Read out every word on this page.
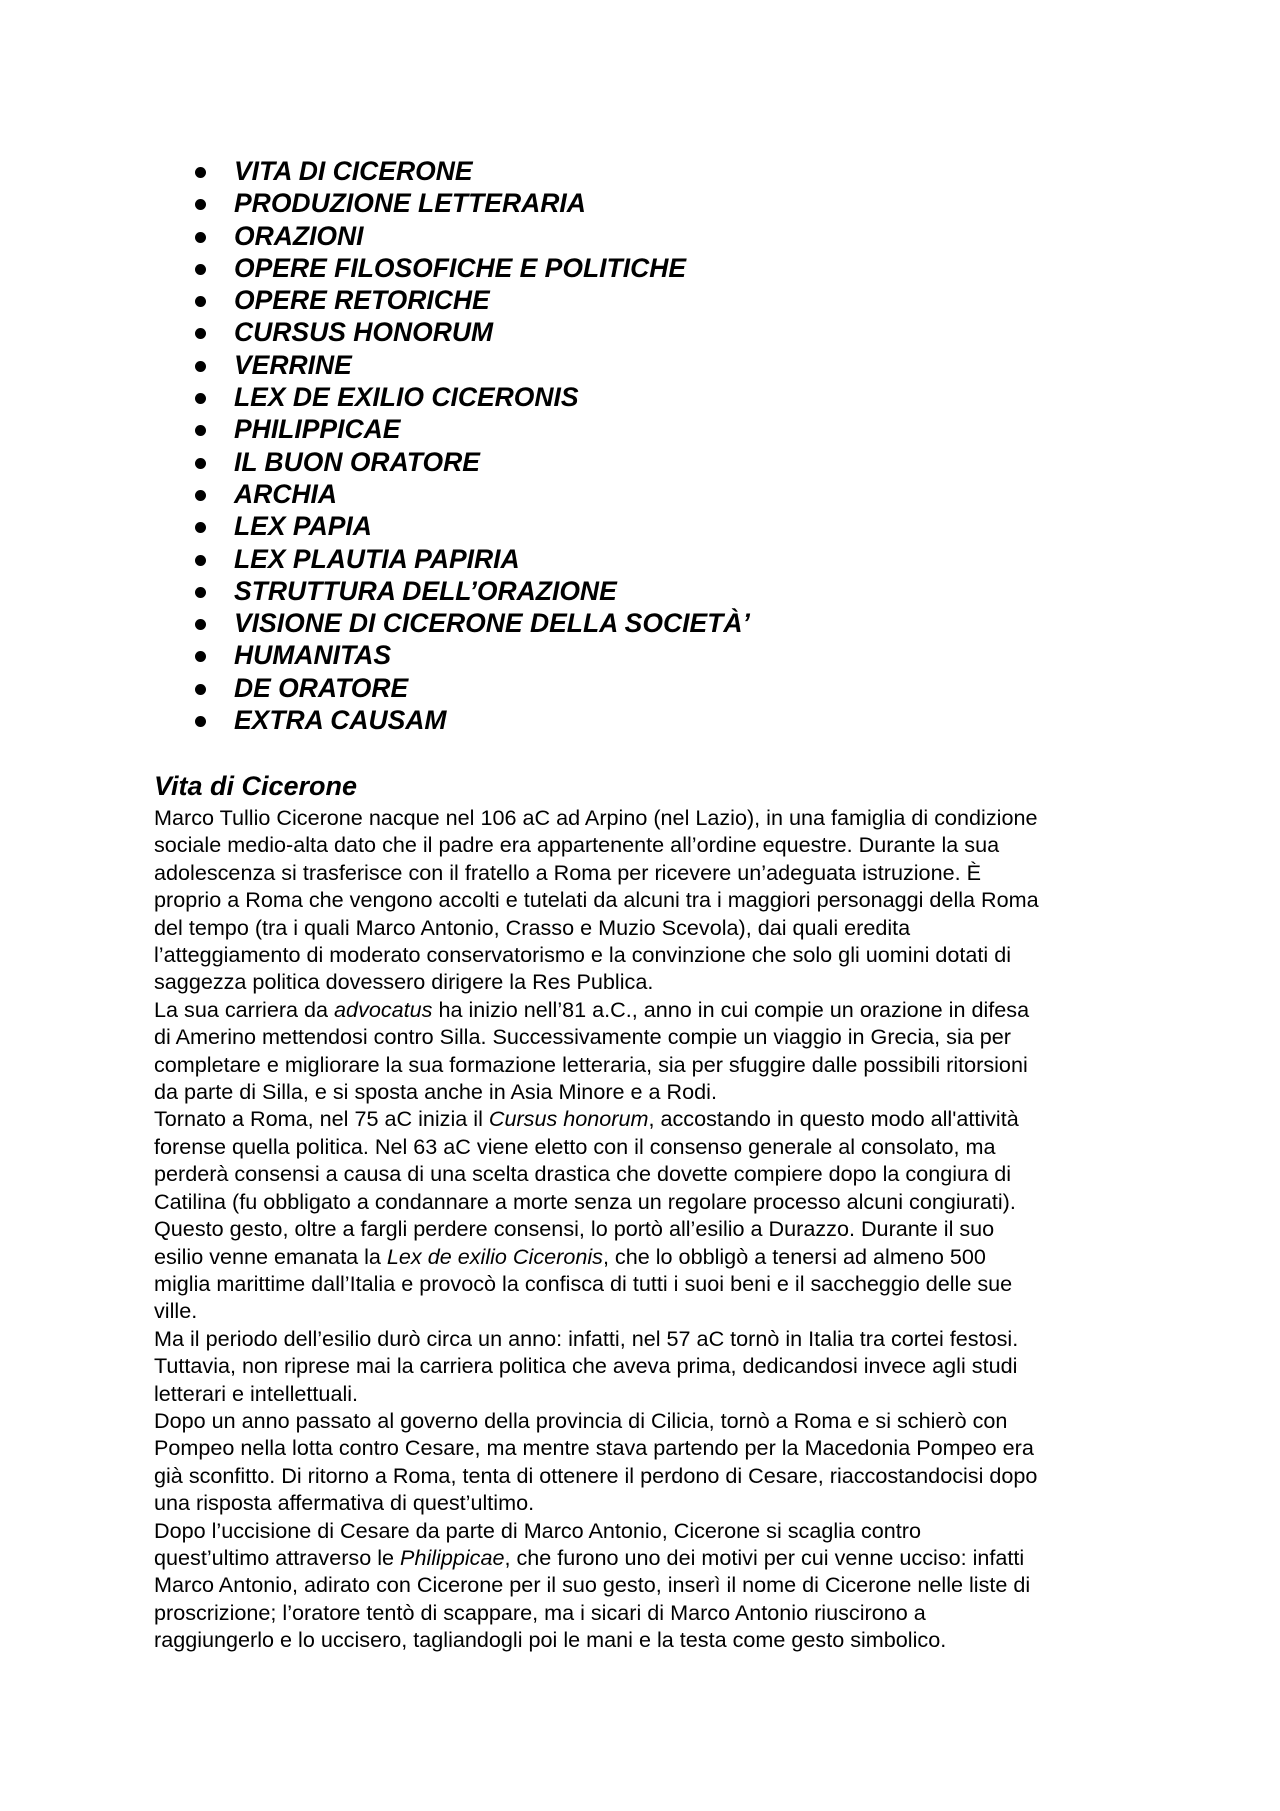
VITA DI CICERONE
PRODUZIONE LETTERARIA
ORAZIONI
OPERE FILOSOFICHE E POLITICHE
OPERE RETORICHE
CURSUS HONORUM
VERRINE
LEX DE EXILIO CICERONIS
PHILIPPICAE
IL BUON ORATORE
ARCHIA
LEX PAPIA
LEX PLAUTIA PAPIRIA
STRUTTURA DELL’ORAZIONE
VISIONE DI CICERONE DELLA SOCIETÀ’
HUMANITAS
DE ORATORE
EXTRA CAUSAM
Vita di Cicerone

Marco Tullio Cicerone nacque nel 106 aC ad Arpino (nel Lazio), in una famiglia di condizione
sociale medio-alta dato che il padre era appartenente all’ordine equestre. Durante la sua
adolescenza si trasferisce con il fratello a Roma per ricevere un’adeguata istruzione. È
proprio a Roma che vengono accolti e tutelati da alcuni tra i maggiori personaggi della Roma
del tempo (tra i quali Marco Antonio, Crasso e Muzio Scevola), dai quali eredita
l’atteggiamento di moderato conservatorismo e la convinzione che solo gli uomini dotati di
saggezza politica dovessero dirigere la Res Publica.

La sua carriera da advocatus ha inizio nell’81 a.C., anno in cui compie un orazione in difesa
di Amerino mettendosi contro Silla. Successivamente compie un viaggio in Grecia, sia per
completare e migliorare la sua formazione letteraria, sia per sfuggire dalle possibili ritorsioni
da parte di Silla, e si sposta anche in Asia Minore e a Rodi.

Tornato a Roma, nel 75 aC inizia il Cursus honorum, accostando in questo modo all'attività
forense quella politica. Nel 63 aC viene eletto con il consenso generale al consolato, ma
perderà consensi a causa di una scelta drastica che dovette compiere dopo la congiura di
Catilina (fu obbligato a condannare a morte senza un regolare processo alcuni congiurati).
Questo gesto, oltre a fargli perdere consensi, lo portò all’esilio a Durazzo. Durante il suo
esilio venne emanata la Lex de exilio Ciceronis, che lo obbligò a tenersi ad almeno 500
miglia marittime dall’Italia e provocò la confisca di tutti i suoi beni e il saccheggio delle sue
ville.

Ma il periodo dell’esilio durò circa un anno: infatti, nel 57 aC tornò in Italia tra cortei festosi.
Tuttavia, non riprese mai la carriera politica che aveva prima, dedicandosi invece agli studi
letterari e intellettuali.

Dopo un anno passato al governo della provincia di Cilicia, tornò a Roma e si schierò con
Pompeo nella lotta contro Cesare, ma mentre stava partendo per la Macedonia Pompeo era
già sconfitto. Di ritorno a Roma, tenta di ottenere il perdono di Cesare, riaccostandocisi dopo
una risposta affermativa di quest’ultimo.

Dopo l’uccisione di Cesare da parte di Marco Antonio, Cicerone si scaglia contro
quest’ultimo attraverso le Philippicae, che furono uno dei motivi per cui venne ucciso: infatti
Marco Antonio, adirato con Cicerone per il suo gesto, inserì il nome di Cicerone nelle liste di
proscrizione; l’oratore tentò di scappare, ma i sicari di Marco Antonio riuscirono a
raggiungerlo e lo uccisero, tagliandogli poi le mani e la testa come gesto simbolico.
